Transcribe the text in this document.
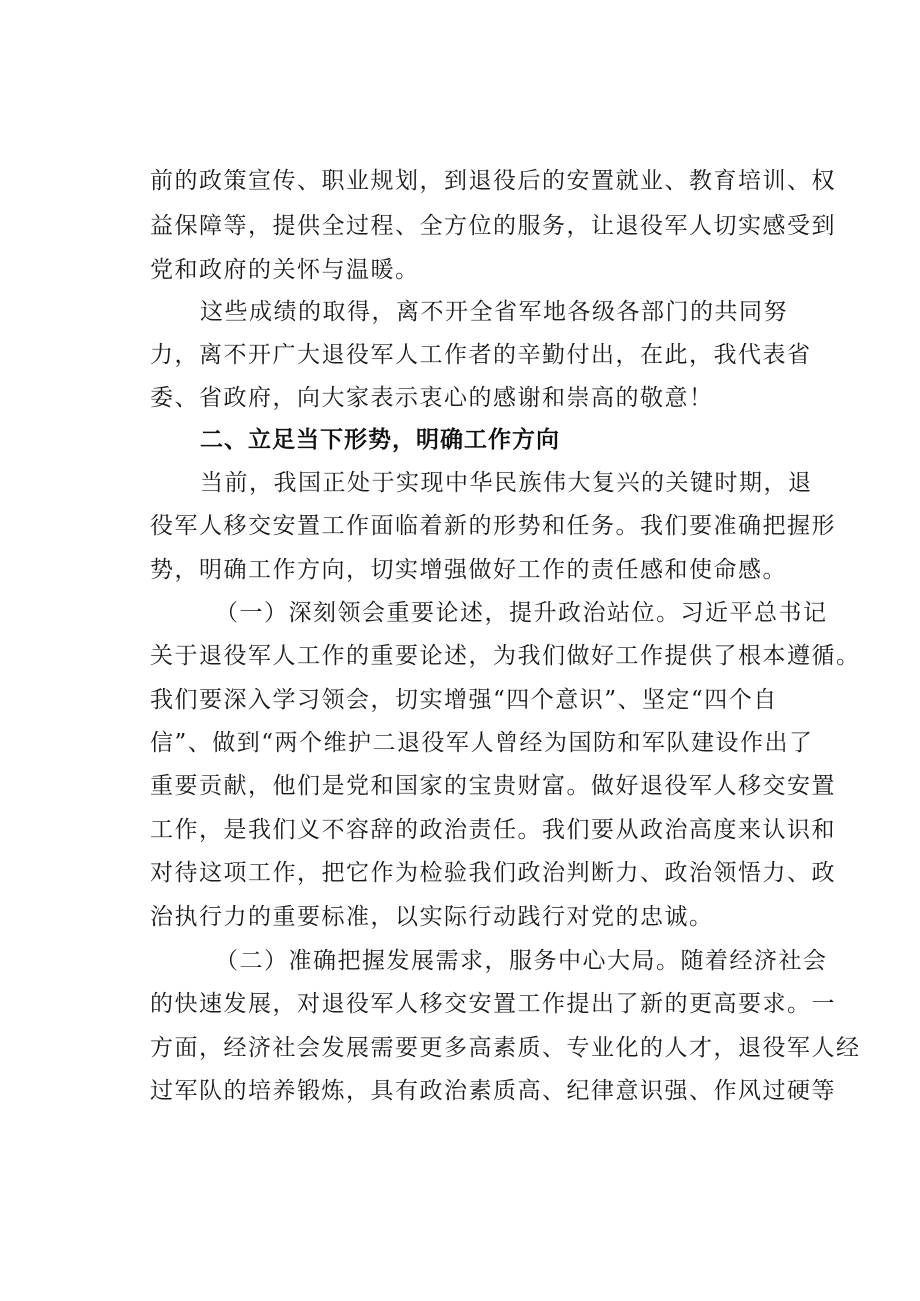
前的政策宣传、职业规划，到退役后的安置就业、教育培训、权
益保障等，提供全过程、全方位的服务，让退役军人切实感受到
党和政府的关怀与温暖。
这些成绩的取得，离不开全省军地各级各部门的共同努
力，离不开广大退役军人工作者的辛勤付出，在此，我代表省
委、省政府，向大家表示衷心的感谢和崇高的敬意！
二、立足当下形势，明确工作方向
当前，我国正处于实现中华民族伟大复兴的关键时期，退
役军人移交安置工作面临着新的形势和任务。我们要准确把握形
势，明确工作方向，切实增强做好工作的责任感和使命感。
（一）深刻领会重要论述，提升政治站位。习近平总书记
关于退役军人工作的重要论述，为我们做好工作提供了根本遵循。
我们要深入学习领会，切实增强“四个意识”、坚定“四个自
信”、做到“两个维护二退役军人曾经为国防和军队建设作出了
重要贡献，他们是党和国家的宝贵财富。做好退役军人移交安置
工作，是我们义不容辞的政治责任。我们要从政治高度来认识和
对待这项工作，把它作为检验我们政治判断力、政治领悟力、政
治执行力的重要标准，以实际行动践行对党的忠诚。
（二）准确把握发展需求，服务中心大局。随着经济社会
的快速发展，对退役军人移交安置工作提出了新的更高要求。一
方面，经济社会发展需要更多高素质、专业化的人才，退役军人经
过军队的培养锻炼，具有政治素质高、纪律意识强、作风过硬等
